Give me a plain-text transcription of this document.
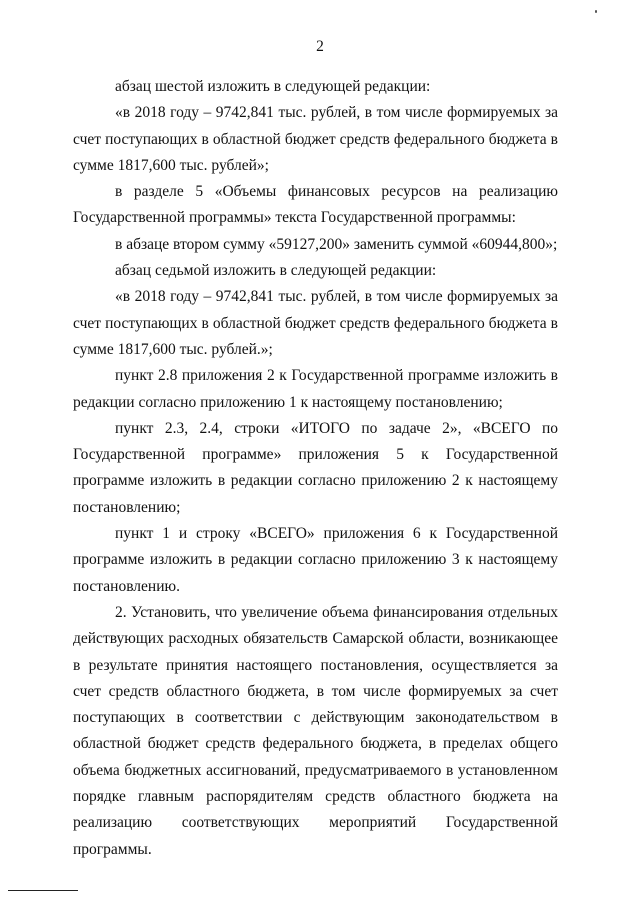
2

абзац шестой изложить в следующей редакции:

«в 2018 году – 9742,841 тыс. рублей, в том числе формируемых за счет поступающих в областной бюджет средств федерального бюджета в сумме 1817,600 тыс. рублей»;

в разделе 5 «Объемы финансовых ресурсов на реализацию Государственной программы» текста Государственной программы:

в абзаце втором сумму «59127,200» заменить суммой «60944,800»;

абзац седьмой изложить в следующей редакции:

«в 2018 году – 9742,841 тыс. рублей, в том числе формируемых за счет поступающих в областной бюджет средств федерального бюджета в сумме 1817,600 тыс. рублей.»;

пункт 2.8 приложения 2 к Государственной программе изложить в редакции согласно приложению 1 к настоящему постановлению;

пункт 2.3, 2.4, строки «ИТОГО по задаче 2», «ВСЕГО по Государственной программе» приложения 5 к Государственной программе изложить в редакции согласно приложению 2 к настоящему постановлению;

пункт 1 и строку «ВСЕГО» приложения 6 к Государственной программе изложить в редакции согласно приложению 3 к настоящему постановлению.

2. Установить, что увеличение объема финансирования отдельных действующих расходных обязательств Самарской области, возникающее в результате принятия настоящего постановления, осуществляется за счет средств областного бюджета, в том числе формируемых за счет поступающих в соответствии с действующим законодательством в областной бюджет средств федерального бюджета, в пределах общего объема бюджетных ассигнований, предусматриваемого в установленном порядке главным распорядителям средств областного бюджета на реализацию соответствующих мероприятий Государственной программы.
